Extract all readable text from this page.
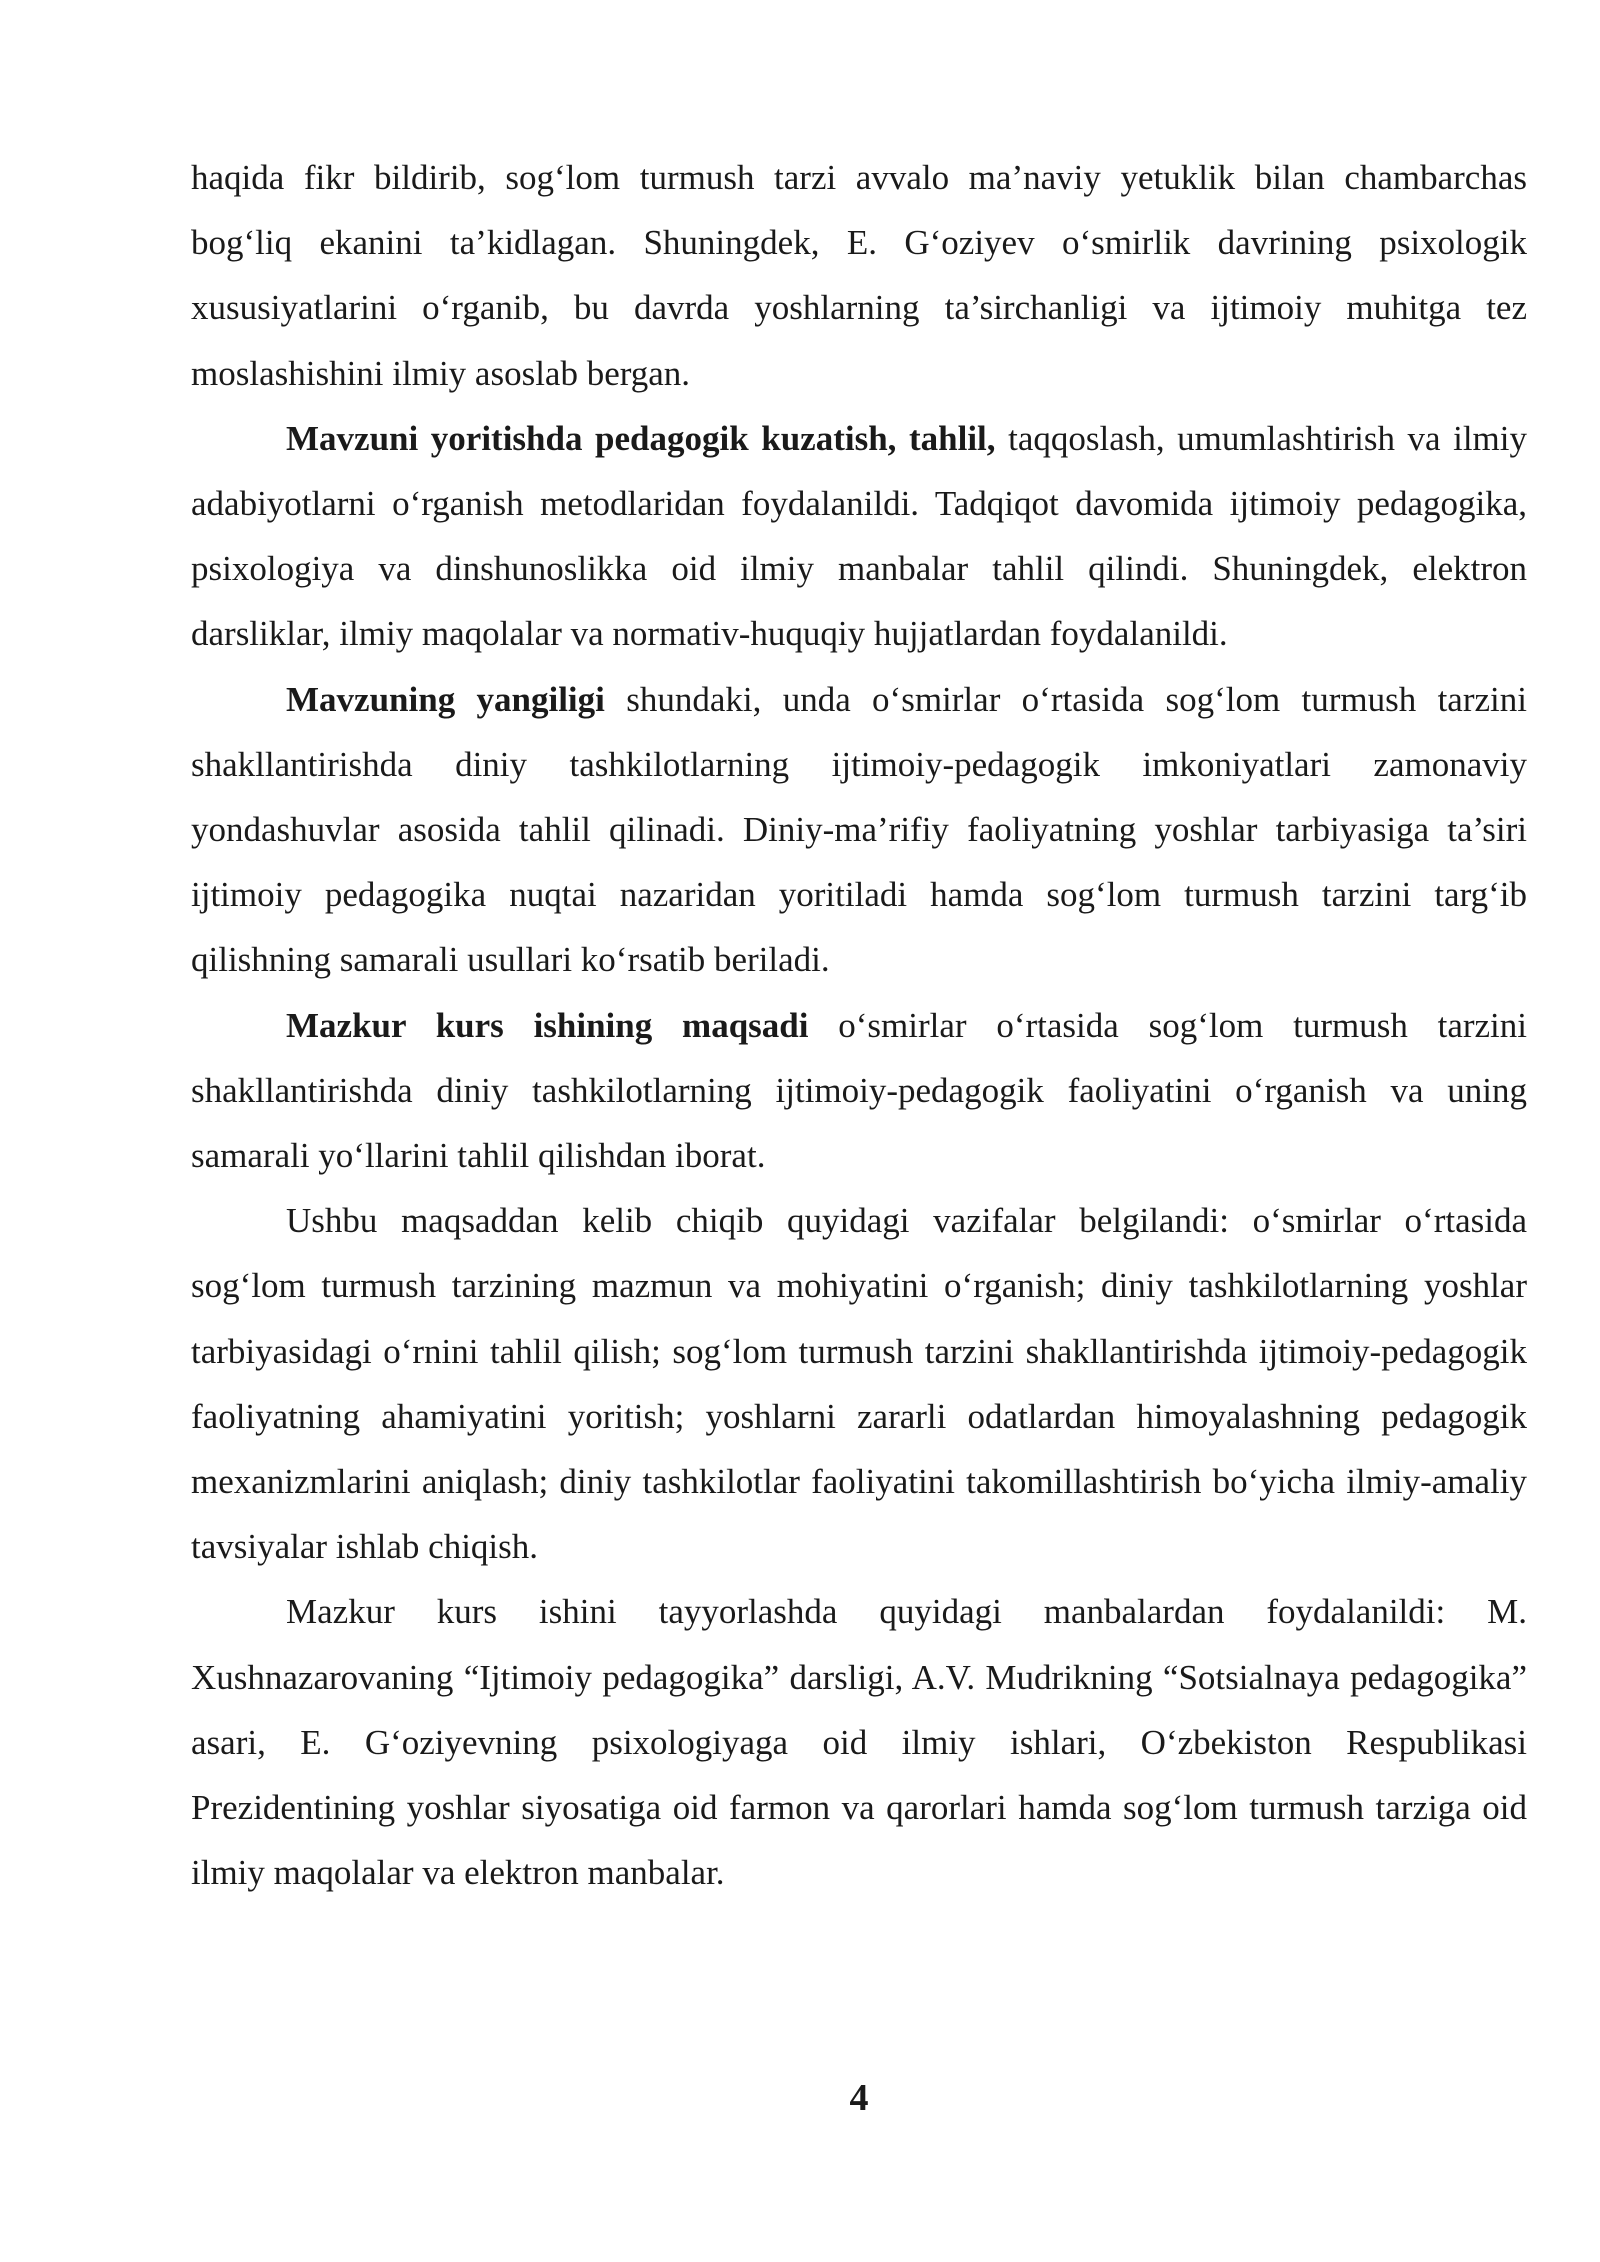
haqida fikr bildirib, sog‘lom turmush tarzi avvalo ma’naviy yetuklik bilan chambarchas bog‘liq ekanini ta’kidlagan. Shuningdek, E. G‘oziyev o‘smirlik davrining psixologik xususiyatlarini o‘rganib, bu davrda yoshlarning ta’sirchanligi va ijtimoiy muhitga tez moslashishini ilmiy asoslab bergan.

Mavzuni yoritishda pedagogik kuzatish, tahlil, taqqoslash, umumlashtirish va ilmiy adabiyotlarni o‘rganish metodlaridan foydalanildi. Tadqiqot davomida ijtimoiy pedagogika, psixologiya va dinshunoslikka oid ilmiy manbalar tahlil qilindi. Shuningdek, elektron darsliklar, ilmiy maqolalar va normativ-huquqiy hujjatlardan foydalanildi.

Mavzuning yangiligi shundaki, unda o‘smirlar o‘rtasida sog‘lom turmush tarzini shakllantirishda diniy tashkilotlarning ijtimoiy-pedagogik imkoniyatlari zamonaviy yondashuvlar asosida tahlil qilinadi. Diniy-ma’rifiy faoliyatning yoshlar tarbiyasiga ta’siri ijtimoiy pedagogika nuqtai nazaridan yoritiladi hamda sog‘lom turmush tarzini targ‘ib qilishning samarali usullari ko‘rsatib beriladi.

Mazkur kurs ishining maqsadi o‘smirlar o‘rtasida sog‘lom turmush tarzini shakllantirishda diniy tashkilotlarning ijtimoiy-pedagogik faoliyatini o‘rganish va uning samarali yo‘llarini tahlil qilishdan iborat.

Ushbu maqsaddan kelib chiqib quyidagi vazifalar belgilandi: o‘smirlar o‘rtasida sog‘lom turmush tarzining mazmun va mohiyatini o‘rganish; diniy tashkilotlarning yoshlar tarbiyasidagi o‘rnini tahlil qilish; sog‘lom turmush tarzini shakllantirishda ijtimoiy-pedagogik faoliyatning ahamiyatini yoritish; yoshlarni zararli odatlardan himoyalashning pedagogik mexanizmlarini aniqlash; diniy tashkilotlar faoliyatini takomillashtirish bo‘yicha ilmiy-amaliy tavsiyalar ishlab chiqish.

Mazkur kurs ishini tayyorlashda quyidagi manbalardan foydalanildi: M. Xushnazarovaning “Ijtimoiy pedagogika” darsligi, A.V. Mudrikning “Sotsialnaya pedagogika” asari, E. G‘oziyevning psixologiyaga oid ilmiy ishlari, O‘zbekiston Respublikasi Prezidentining yoshlar siyosatiga oid farmon va qarorlari hamda sog‘lom turmush tarziga oid ilmiy maqolalar va elektron manbalar.

4
